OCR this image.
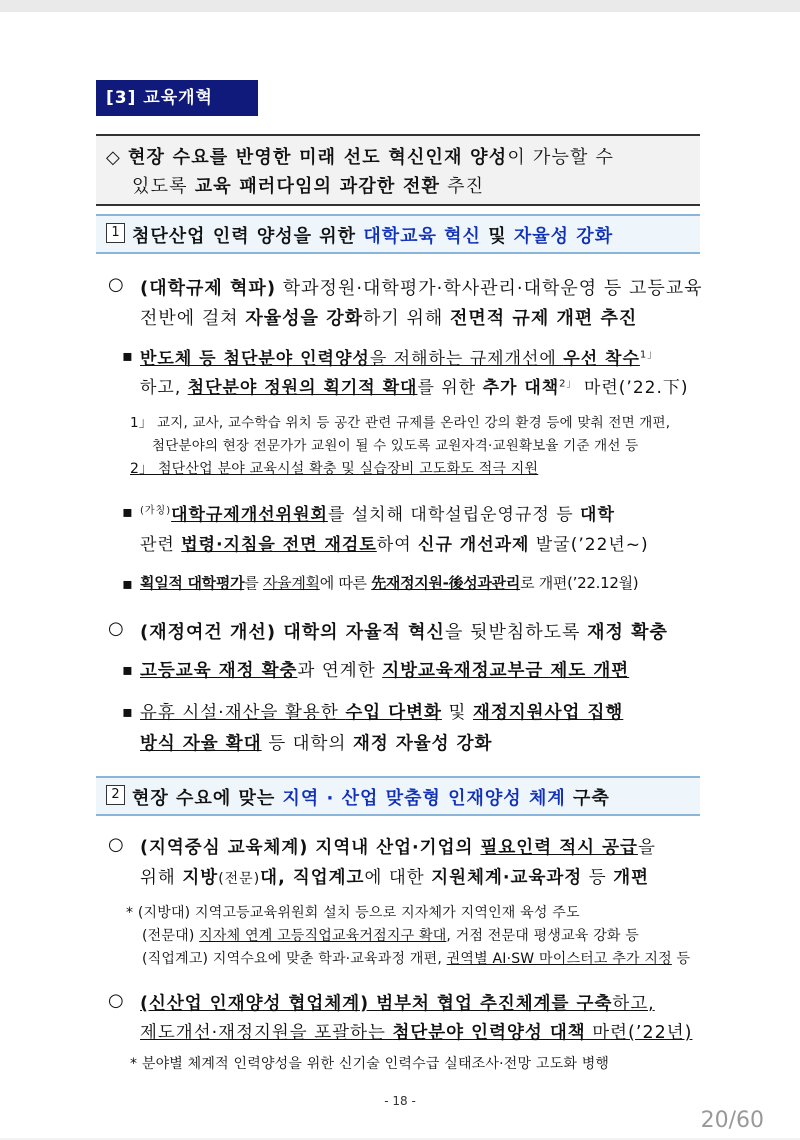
[3] 교육개혁
◇ 현장 수요를 반영한 미래 선도 혁신인재 양성이 가능할 수
있도록 교육 패러다임의 과감한 전환 추진
1 첨단산업 인력 양성을 위한 대학교육 혁신 및 자율성 강화
○ (대학규제 혁파) 학과정원·대학평가·학사관리·대학운영 등 고등교육
전반에 걸쳐 자율성을 강화하기 위해 전면적 규제 개편 추진
▪ 반도체 등 첨단분야 인력양성을 저해하는 규제개선에 우선 착수$^{1」}$
하고, 첨단분야 정원의 획기적 확대를 위한 추가 대책$^{2」}$ 마련(’22.下)
1」 교지, 교사, 교수학습 위치 등 공간 관련 규제를 온라인 강의 환경 등에 맞춰 전면 개편,
첨단분야의 현장 전문가가 교원이 될 수 있도록 교원자격·교원확보율 기준 개선 등
2」 첨단산업 분야 교육시설 확충 및 실습장비 고도화도 적극 지원
▪ $^{(가칭)}$대학규제개선위원회를 설치해 대학설립운영규정 등 대학
관련 법령·지침을 전면 재검토하여 신규 개선과제 발굴(’22년~)
▪ 획일적 대학평가를 자율계획에 따른 先재정지원-後성과관리로 개편(’22.12월)
○ (재정여건 개선) 대학의 자율적 혁신을 뒷받침하도록 재정 확충
▪ 고등교육 재정 확충과 연계한 지방교육재정교부금 제도 개편
▪ 유휴 시설·재산을 활용한 수입 다변화 및 재정지원사업 집행
방식 자율 확대 등 대학의 재정 자율성 강화
2 현장 수요에 맞는 지역 · 산업 맞춤형 인재양성 체계 구축
○ (지역중심 교육체계) 지역내 산업·기업의 필요인력 적시 공급을
위해 지방(전문)대, 직업계고에 대한 지원체계·교육과정 등 개편
* (지방대) 지역고등교육위원회 설치 등으로 지자체가 지역인재 육성 주도
(전문대) 지자체 연계 고등직업교육거점지구 확대, 거점 전문대 평생교육 강화 등
(직업계고) 지역수요에 맞춘 학과·교육과정 개편, 권역별 AI·SW 마이스터고 추가 지정 등
○ (신산업 인재양성 협업체계) 범부처 협업 추진체계를 구축하고,
제도개선·재정지원을 포괄하는 첨단분야 인력양성 대책 마련(’22년)
* 분야별 체계적 인력양성을 위한 신기술 인력수급 실태조사·전망 고도화 병행
- 18 -
20/60
